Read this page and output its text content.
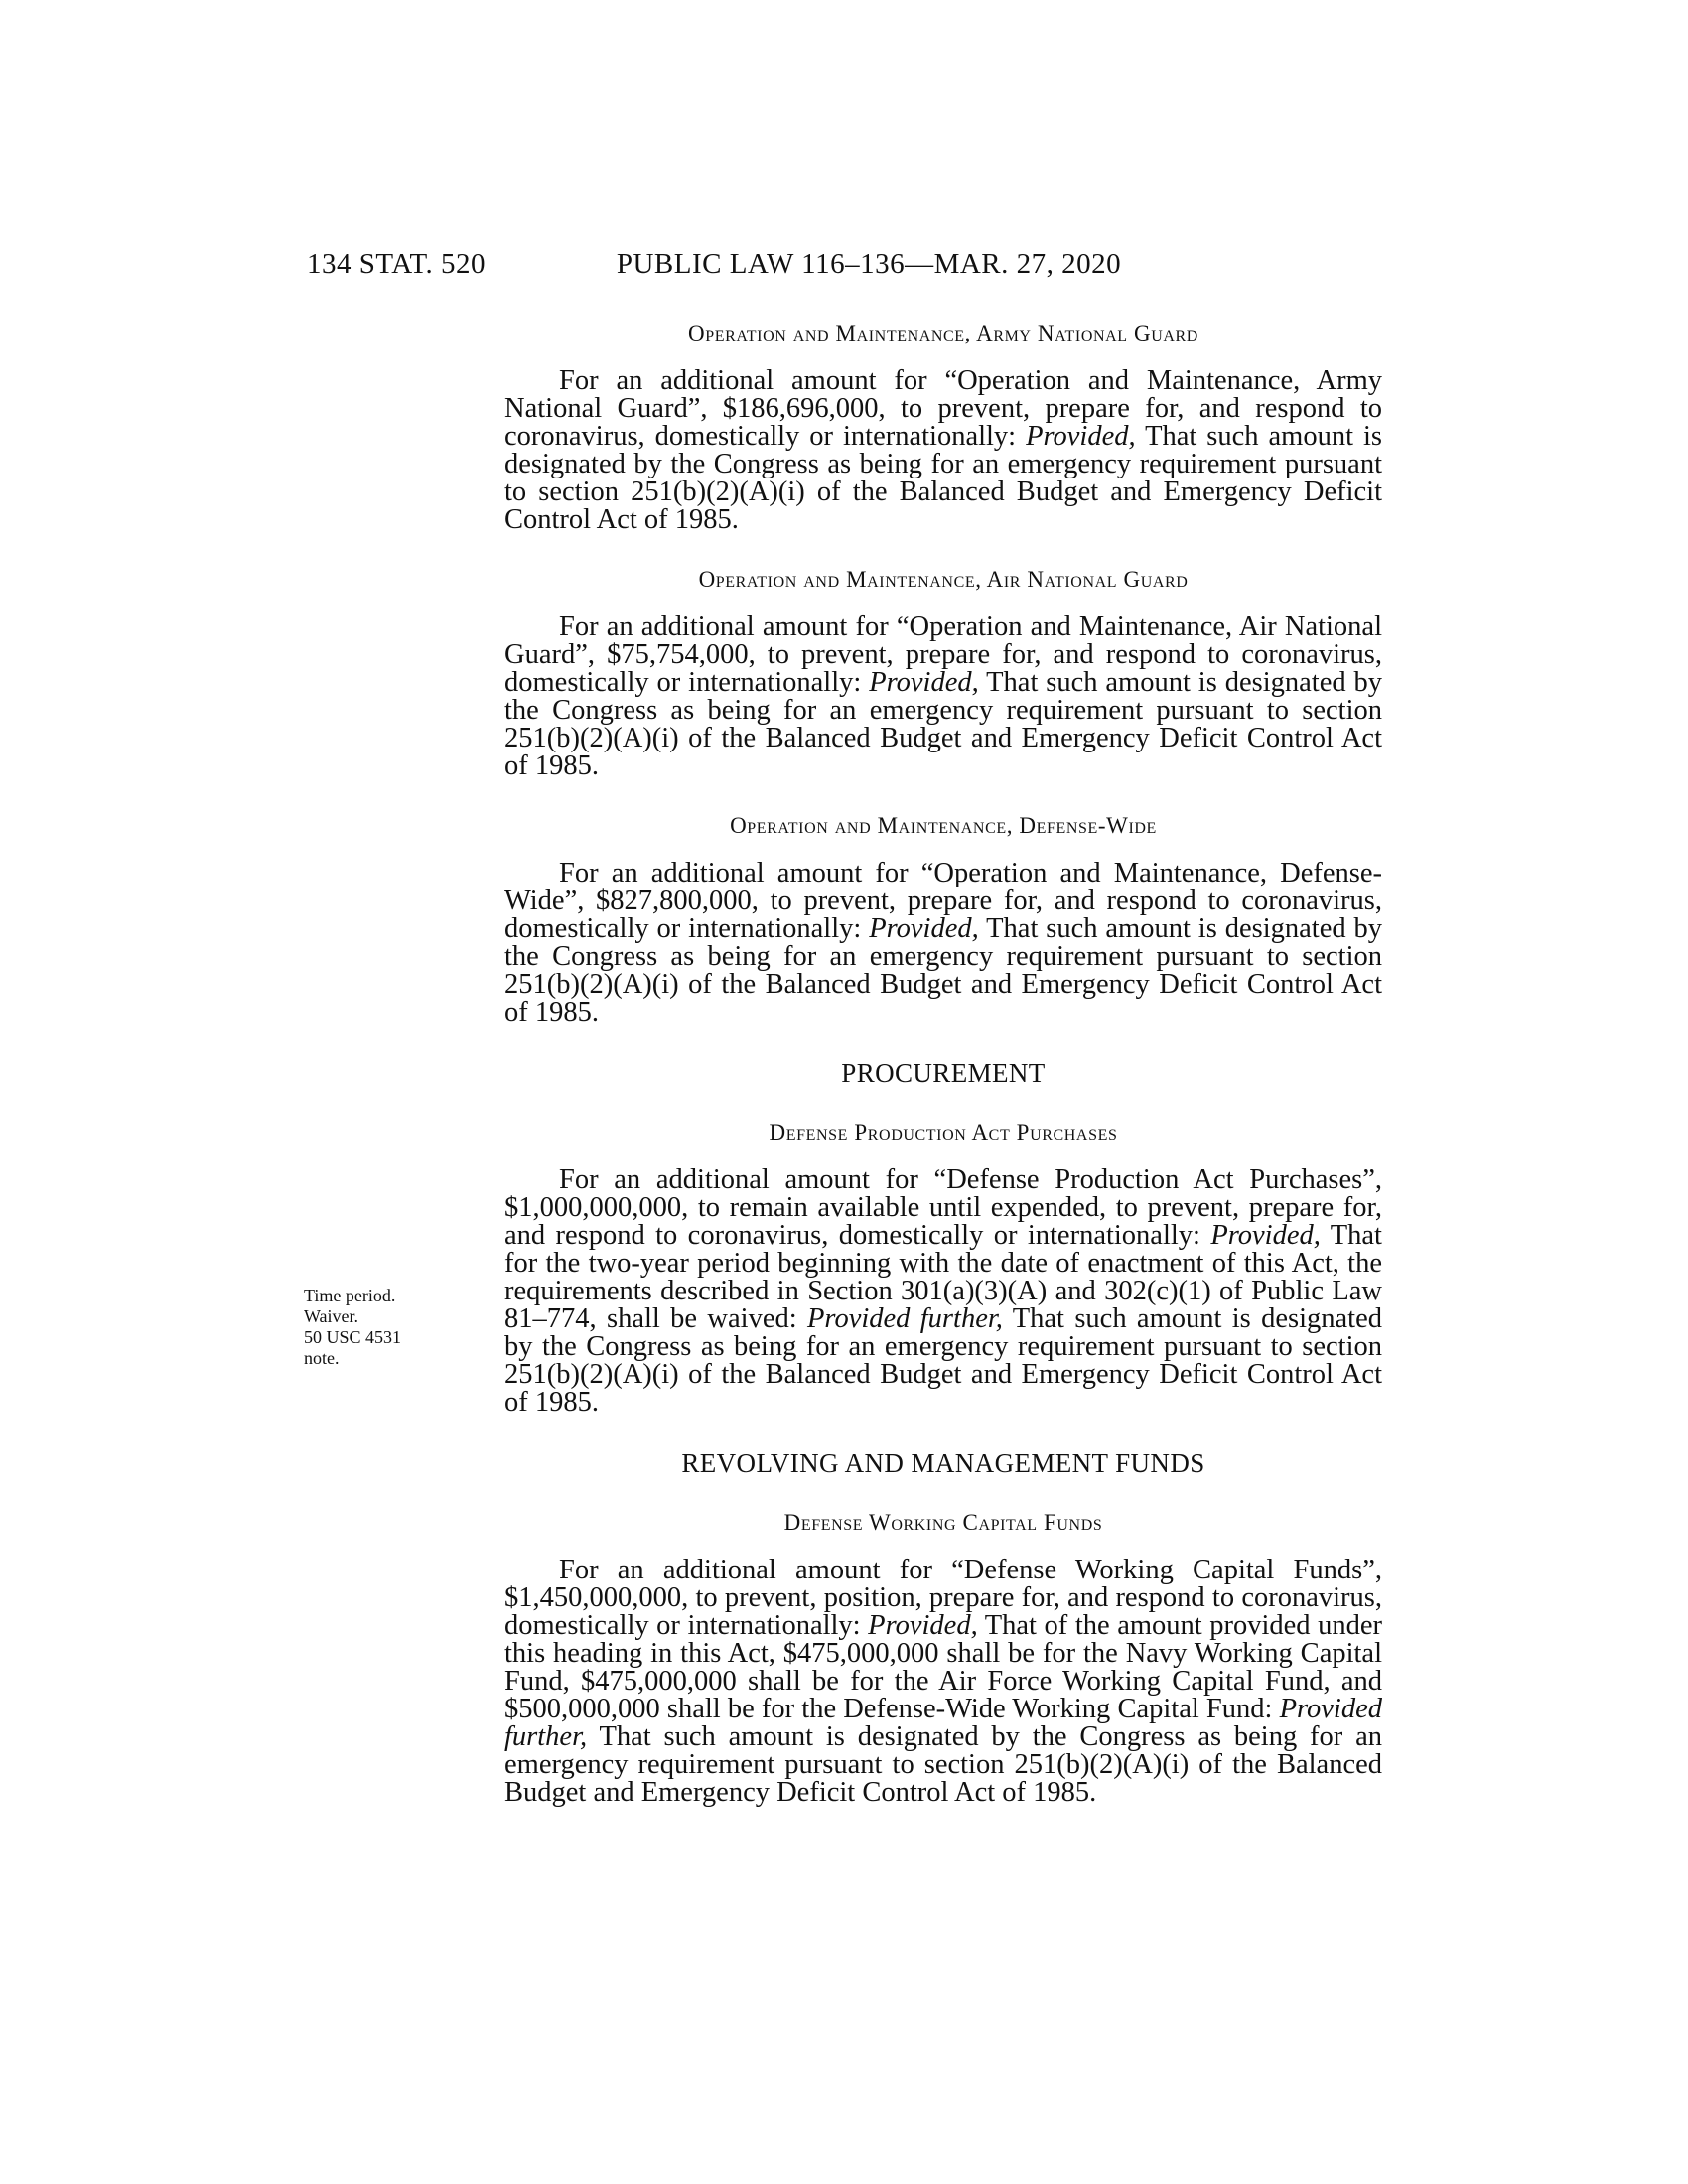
134 STAT. 520	PUBLIC LAW 116–136—MAR. 27, 2020
Time period.
Waiver.
50 USC 4531
note.
Operation and Maintenance, Army National Guard

For an additional amount for “Operation and Maintenance, Army National Guard”, $186,696,000, to prevent, prepare for, and respond to coronavirus, domestically or internationally: Provided, That such amount is designated by the Congress as being for an emergency requirement pursuant to section 251(b)(2)(A)(i) of the Balanced Budget and Emergency Deficit Control Act of 1985.

Operation and Maintenance, Air National Guard

For an additional amount for “Operation and Maintenance, Air National Guard”, $75,754,000, to prevent, prepare for, and respond to coronavirus, domestically or internationally: Provided, That such amount is designated by the Congress as being for an emergency requirement pursuant to section 251(b)(2)(A)(i) of the Balanced Budget and Emergency Deficit Control Act of 1985.

Operation and Maintenance, Defense-Wide

For an additional amount for “Operation and Maintenance, Defense-Wide”, $827,800,000, to prevent, prepare for, and respond to coronavirus, domestically or internationally: Provided, That such amount is designated by the Congress as being for an emergency requirement pursuant to section 251(b)(2)(A)(i) of the Balanced Budget and Emergency Deficit Control Act of 1985.

PROCUREMENT
Defense Production Act Purchases

For an additional amount for “Defense Production Act Purchases”, $1,000,000,000, to remain available until expended, to prevent, prepare for, and respond to coronavirus, domestically or internationally: Provided, That for the two-year period beginning with the date of enactment of this Act, the requirements described in Section 301(a)(3)(A) and 302(c)(1) of Public Law 81–774, shall be waived: Provided further, That such amount is designated by the Congress as being for an emergency requirement pursuant to section 251(b)(2)(A)(i) of the Balanced Budget and Emergency Deficit Control Act of 1985.

REVOLVING AND MANAGEMENT FUNDS
Defense Working Capital Funds

For an additional amount for “Defense Working Capital Funds”, $1,450,000,000, to prevent, position, prepare for, and respond to coronavirus, domestically or internationally: Provided, That of the amount provided under this heading in this Act, $475,000,000 shall be for the Navy Working Capital Fund, $475,000,000 shall be for the Air Force Working Capital Fund, and $500,000,000 shall be for the Defense-Wide Working Capital Fund: Provided further, That such amount is designated by the Congress as being for an emergency requirement pursuant to section 251(b)(2)(A)(i) of the Balanced Budget and Emergency Deficit Control Act of 1985.
